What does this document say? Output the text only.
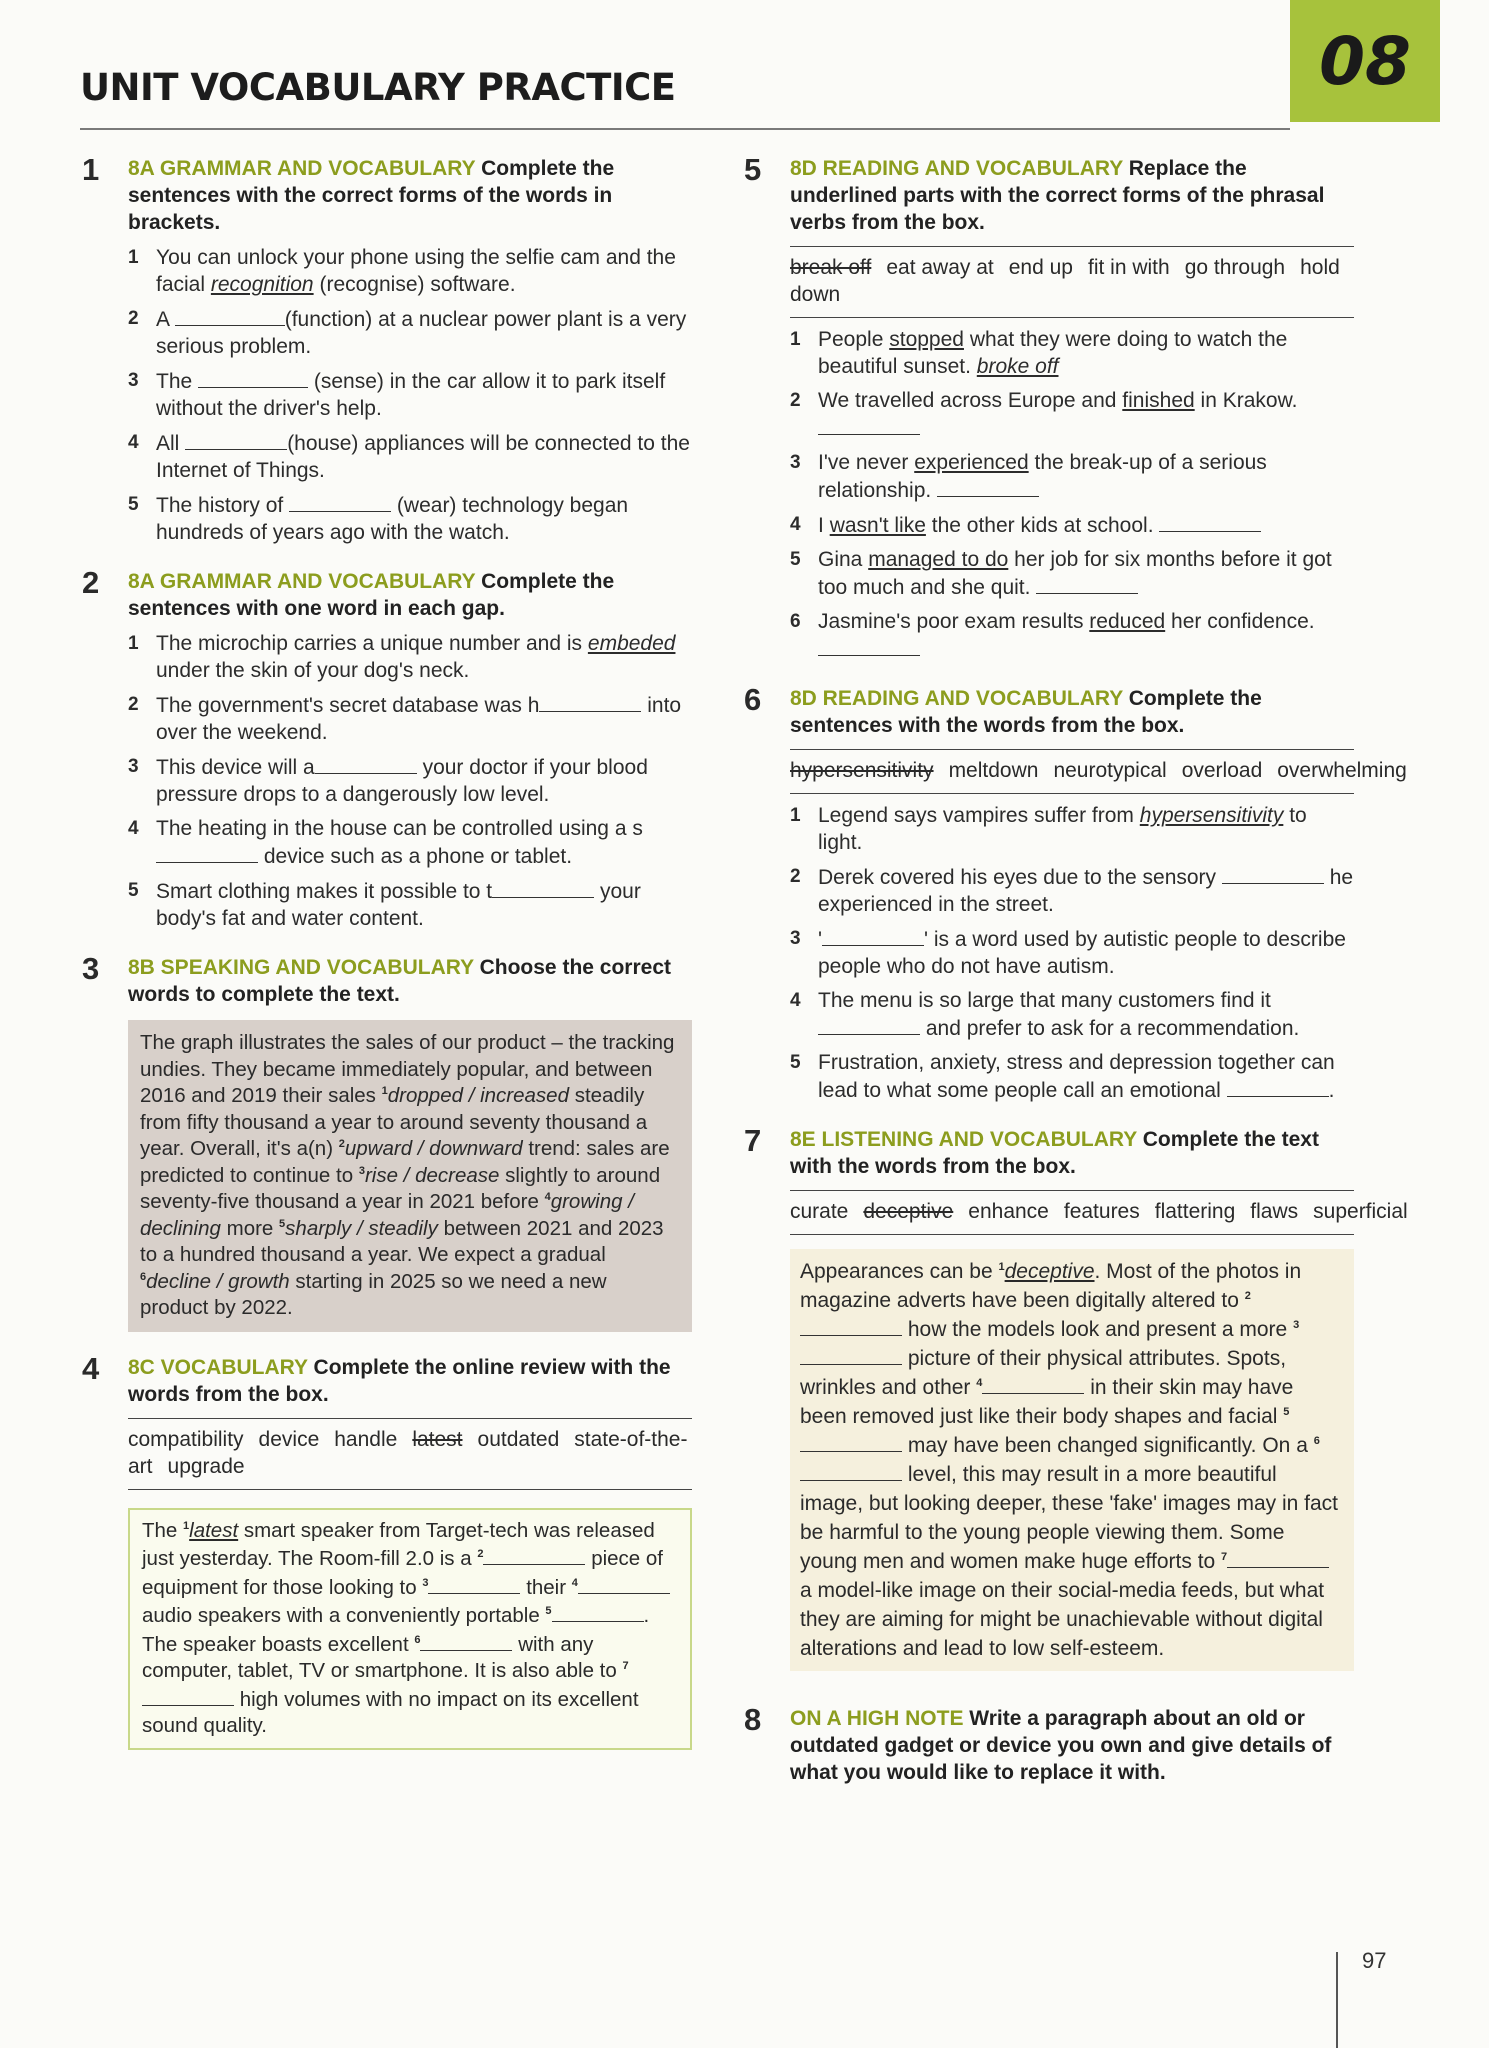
UNIT VOCABULARY PRACTICE	08
1 8A GRAMMAR AND VOCABULARY Complete the sentences with the correct forms of the words in brackets.
1 You can unlock your phone using the selfie cam and the facial recognition (recognise) software.
2 A	(function) at a nuclear power plant is a very serious problem.
3 The	(sense) in the car allow it to park itself without the driver's help.
4 All	(house) appliances will be connected to the Internet of Things.
5 The history of	(wear) technology began hundreds of years ago with the watch.
2 8A GRAMMAR AND VOCABULARY Complete the sentences with one word in each gap.
1 The microchip carries a unique number and is embeded under the skin of your dog's neck.
2 The government's secret database was h	into over the weekend.
3 This device will a	your doctor if your blood pressure drops to a dangerously low level.
4 The heating in the house can be controlled using a s device such as a phone or tablet.
5 Smart clothing makes it possible to t	your body's fat and water content.
3 8B SPEAKING AND VOCABULARY Choose the correct words to complete the text.
The graph illustrates the sales of our product – the tracking undies. They became immediately popular, and between 2016 and 2019 their sales $^1$dropped / increased steadily from fifty thousand a year to around seventy thousand a year. Overall, it's a(n) $^2$upward / downward trend: sales are predicted to continue to $^3$rise / decrease slightly to around seventy-five thousand a year in 2021 before $^4$growing / declining more $^5$sharply / steadily between 2021 and 2023 to a hundred thousand a year. We expect a gradual $^6$decline / growth starting in 2025 so we need a new product by 2022.
4 8C VOCABULARY Complete the online review with the words from the box.
compatibility device handle latest outdated state-of-the-art upgrade
The $^1$latest smart speaker from Target-tech was released just yesterday. The Room-fill 2.0 is a $^2$	piece of equipment for those looking to $^3$	their $^4$ audio speakers with a conveniently portable $^5$	. The speaker boasts excellent $^6$	with any computer, tablet, TV or smartphone. It is also able to $^7$ high volumes with no impact on its excellent sound quality.
5 8D READING AND VOCABULARY Replace the underlined parts with the correct forms of the phrasal verbs from the box.
break off eat away at end up fit in with go through hold down
1 People stopped what they were doing to watch the beautiful sunset. broke off
2 We travelled across Europe and finished in Krakow.

3 I've never experienced the break-up of a serious relationship.
4 I wasn't like the other kids at school.
5 Gina managed to do her job for six months before it got too much and she quit.
6 Jasmine's poor exam results reduced her confidence.

6 8D READING AND VOCABULARY Complete the sentences with the words from the box.
hypersensitivity meltdown neurotypical overload overwhelming
1 Legend says vampires suffer from hypersensitivity to light.
2 Derek covered his eyes due to the sensory	he experienced in the street.
3 '	' is a word used by autistic people to describe people who do not have autism.
4 The menu is so large that many customers find it  and prefer to ask for a recommendation.
5 Frustration, anxiety, stress and depression together can lead to what some people call an emotional	.
7 8E LISTENING AND VOCABULARY Complete the text with the words from the box.
curate deceptive enhance features flattering flaws superficial
Appearances can be $^1$deceptive. Most of the photos in magazine adverts have been digitally altered to $^2$ how the models look and present a more $^3$ picture of their physical attributes. Spots, wrinkles and other $^4$	in their skin may have been removed just like their body shapes and facial $^5$ may have been changed significantly. On a $^6$ level, this may result in a more beautiful image, but looking deeper, these 'fake' images may in fact be harmful to the young people viewing them. Some young men and women make huge efforts to $^7$ a model-like image on their social-media feeds, but what they are aiming for might be unachievable without digital alterations and lead to low self-esteem.
8 ON A HIGH NOTE Write a paragraph about an old or outdated gadget or device you own and give details of what you would like to replace it with.
97
